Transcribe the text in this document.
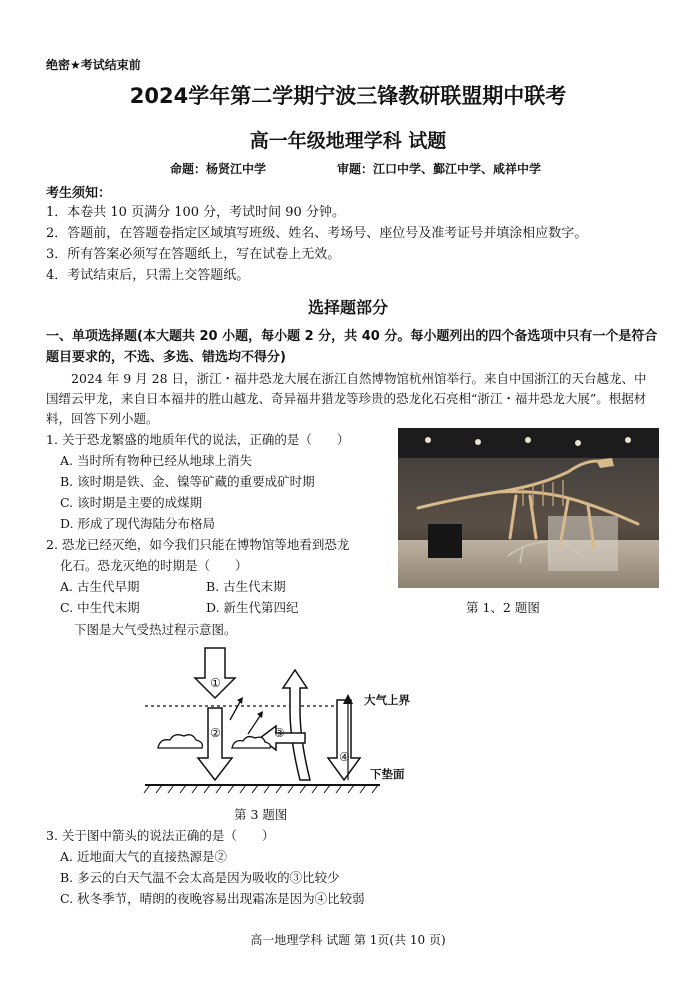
绝密★考试结束前
2024学年第二学期宁波三锋教研联盟期中联考
高一年级地理学科 试题
命题：杨贤江中学	审题：江口中学、鄞江中学、咸祥中学
考生须知：
1．本卷共 10 页满分 100 分，考试时间 90 分钟。
2．答题前，在答题卷指定区域填写班级、姓名、考场号、座位号及准考证号并填涂相应数字。
3．所有答案必须写在答题纸上，写在试卷上无效。
4．考试结束后，只需上交答题纸。
选择题部分
一、单项选择题(本大题共 20 小题，每小题 2 分，共 40 分。每小题列出的四个备选项中只有一个是符合题目要求的，不选、多选、错选均不得分)
2024 年 9 月 28 日，浙江・福井恐龙大展在浙江自然博物馆杭州馆举行。来自中国浙江的天台越龙、中国缙云甲龙，来自日本福井的胜山越龙、奇异福井猎龙等珍贵的恐龙化石亮相“浙江・福井恐龙大展”。根据材料，回答下列小题。
1. 关于恐龙繁盛的地质年代的说法，正确的是（　　）
A. 当时所有物种已经从地球上消失
B. 该时期是铁、金、镍等矿藏的重要成矿时期
C. 该时期是主要的成煤期
D. 形成了现代海陆分布格局
2. 恐龙已经灭绝，如今我们只能在博物馆等地看到恐龙
化石。恐龙灭绝的时期是（　　）
A. 古生代早期	B. 古生代末期
C. 中生代末期	D. 新生代第四纪	第 1、2 题图
下图是大气受热过程示意图。
①
②	③
④
大气上界
下垫面
第 3 题图
3. 关于图中箭头的说法正确的是（　　）
A. 近地面大气的直接热源是②
B. 多云的白天气温不会太高是因为吸收的③比较少
C. 秋冬季节，晴朗的夜晚容易出现霜冻是因为④比较弱
高一地理学科 试题 第 1页(共 10 页)
